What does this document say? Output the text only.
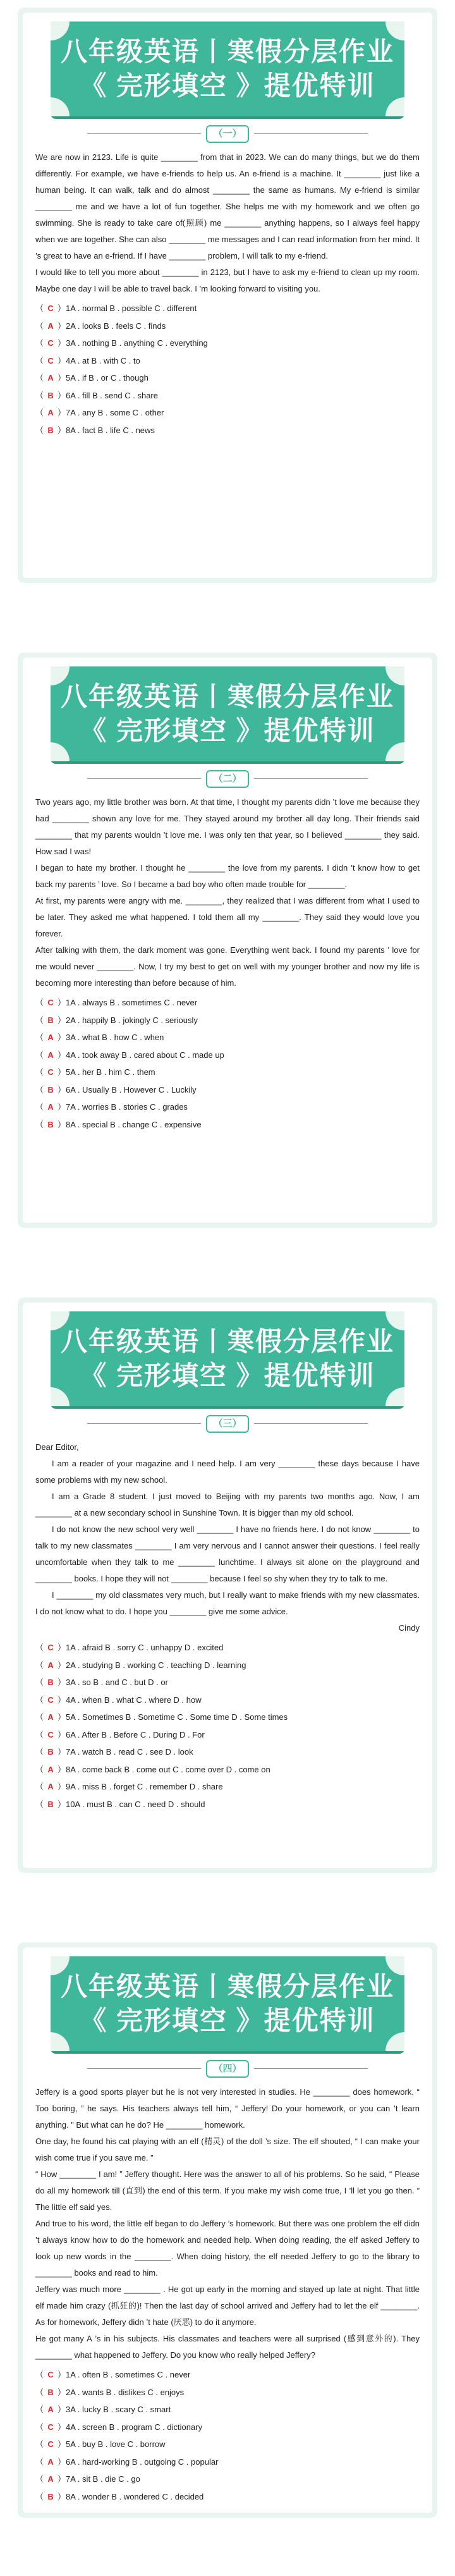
八年级英语丨寒假分层作业
《 完形填空 》提优特训
（一）

We are now in 2123. Life is quite ________ from that in 2023. We can do many things, but we do them differently. For example, we have e-friends to help us. An e-friend is a machine. It ________ just like a human being. It can walk, talk and do almost ________ the same as humans. My e-friend is similar ________ me and we have a lot of fun together. She helps me with my homework and we often go swimming. She is ready to take care of(照顾) me ________ anything happens, so I always feel happy when we are together. She can also ________ me messages and I can read information from her mind. It ’s great to have an e-friend. If I have ________ problem, I will talk to my e-friend.

I would like to tell you more about ________ in 2123, but I have to ask my e-friend to clean up my room. Maybe one day I will be able to travel back. I ’m looking forward to visiting you.

（ C ）1A . normal B . possible C . different
（ A ）2A . looks B . feels C . finds
（ C ）3A . nothing B . anything C . everything
（ C ）4A . at B . with C . to
（ A ）5A . if B . or C . though
（ B ）6A . fill B . send C . share
（ A ）7A . any B . some C . other
（ B ）8A . fact B . life C . news
八年级英语丨寒假分层作业
《 完形填空 》提优特训
（二）

Two years ago, my little brother was born. At that time, I thought my parents didn ’t love me because they had ________ shown any love for me. They stayed around my brother all day long. Their friends said ________ that my parents wouldn ’t love me. I was only ten that year, so I believed ________ they said. How sad I was!

I began to hate my brother. I thought he ________ the love from my parents. I didn ’t know how to get back my parents ’ love. So I became a bad boy who often made trouble for ________.

At first, my parents were angry with me. ________, they realized that I was different from what I used to be later. They asked me what happened. I told them all my ________. They said they would love you forever.

After talking with them, the dark moment was gone. Everything went back. I found my parents ’ love for me would never ________. Now, I try my best to get on well with my younger brother and now my life is becoming more interesting than before because of him.

（ C ）1A . always B . sometimes C . never
（ B ）2A . happily B . jokingly C . seriously
（ A ）3A . what B . how C . when
（ A ）4A . took away B . cared about C . made up
（ C ）5A . her B . him C . them
（ B ）6A . Usually B . However C . Luckily
（ A ）7A . worries B . stories C . grades
（ B ）8A . special B . change C . expensive
八年级英语丨寒假分层作业
《 完形填空 》提优特训
（三）

Dear Editor,

I am a reader of your magazine and I need help. I am very ________ these days because I have some problems with my new school.

I am a Grade 8 student. I just moved to Beijing with my parents two months ago. Now, I am ________ at a new secondary school in Sunshine Town. It is bigger than my old school.

I do not know the new school very well ________ I have no friends here. I do not know ________ to talk to my new classmates ________ I am very nervous and I cannot answer their questions. I feel really uncomfortable when they talk to me ________ lunchtime. I always sit alone on the playground and ________ books. I hope they will not ________ because I feel so shy when they try to talk to me.

I ________ my old classmates very much, but I really want to make friends with my new classmates. I do not know what to do. I hope you ________ give me some advice.

Cindy

（ C ）1A . afraid B . sorry C . unhappy D . excited
（ A ）2A . studying B . working C . teaching D . learning
（ B ）3A . so B . and C . but D . or
（ C ）4A . when B . what C . where D . how
（ A ）5A . Sometimes B . Sometime C . Some time D . Some times
（ C ）6A . After B . Before C . During D . For
（ B ）7A . watch B . read C . see D . look
（ A ）8A . come back B . come out C . come over D . come on
（ A ）9A . miss B . forget C . remember D . share
（ B ）10A . must B . can C . need D . should
八年级英语丨寒假分层作业
《 完形填空 》提优特训
（四）

Jeffery is a good sports player but he is not very interested in studies. He ________ does homework. “ Too boring, ” he says. His teachers always tell him, “ Jeffery! Do your homework, or you can ’t learn anything. ” But what can he do? He ________ homework.

One day, he found his cat playing with an elf (精灵) of the doll ’s size. The elf shouted, “ I can make your wish come true if you save me. ”

“ How ________ I am! ” Jeffery thought. Here was the answer to all of his problems. So he said, “ Please do all my homework till (直到) the end of this term. If you make my wish come true, I ’ll let you go then. ” The little elf said yes.

And true to his word, the little elf began to do Jeffery ’s homework. But there was one problem the elf didn ’t always know how to do the homework and needed help. When doing reading, the elf asked Jeffery to look up new words in the ________. When doing history, the elf needed Jeffery to go to the library to ________ books and read to him.

Jeffery was much more ________ . He got up early in the morning and stayed up late at night. That little elf made him crazy (抓狂的)! Then the last day of school arrived and Jeffery had to let the elf ________. As for homework, Jeffery didn ’t hate (厌恶) to do it anymore.

He got many A ’s in his subjects. His classmates and teachers were all surprised (感到意外的). They ________ what happened to Jeffery. Do you know who really helped Jeffery?

（ C ）1A . often B . sometimes C . never
（ B ）2A . wants B . dislikes C . enjoys
（ A ）3A . lucky B . scary C . smart
（ C ）4A . screen B . program C . dictionary
（ C ）5A . buy B . love C . borrow
（ A ）6A . hard-working B . outgoing C . popular
（ A ）7A . sit B . die C . go
（ B ）8A . wonder B . wondered C . decided
